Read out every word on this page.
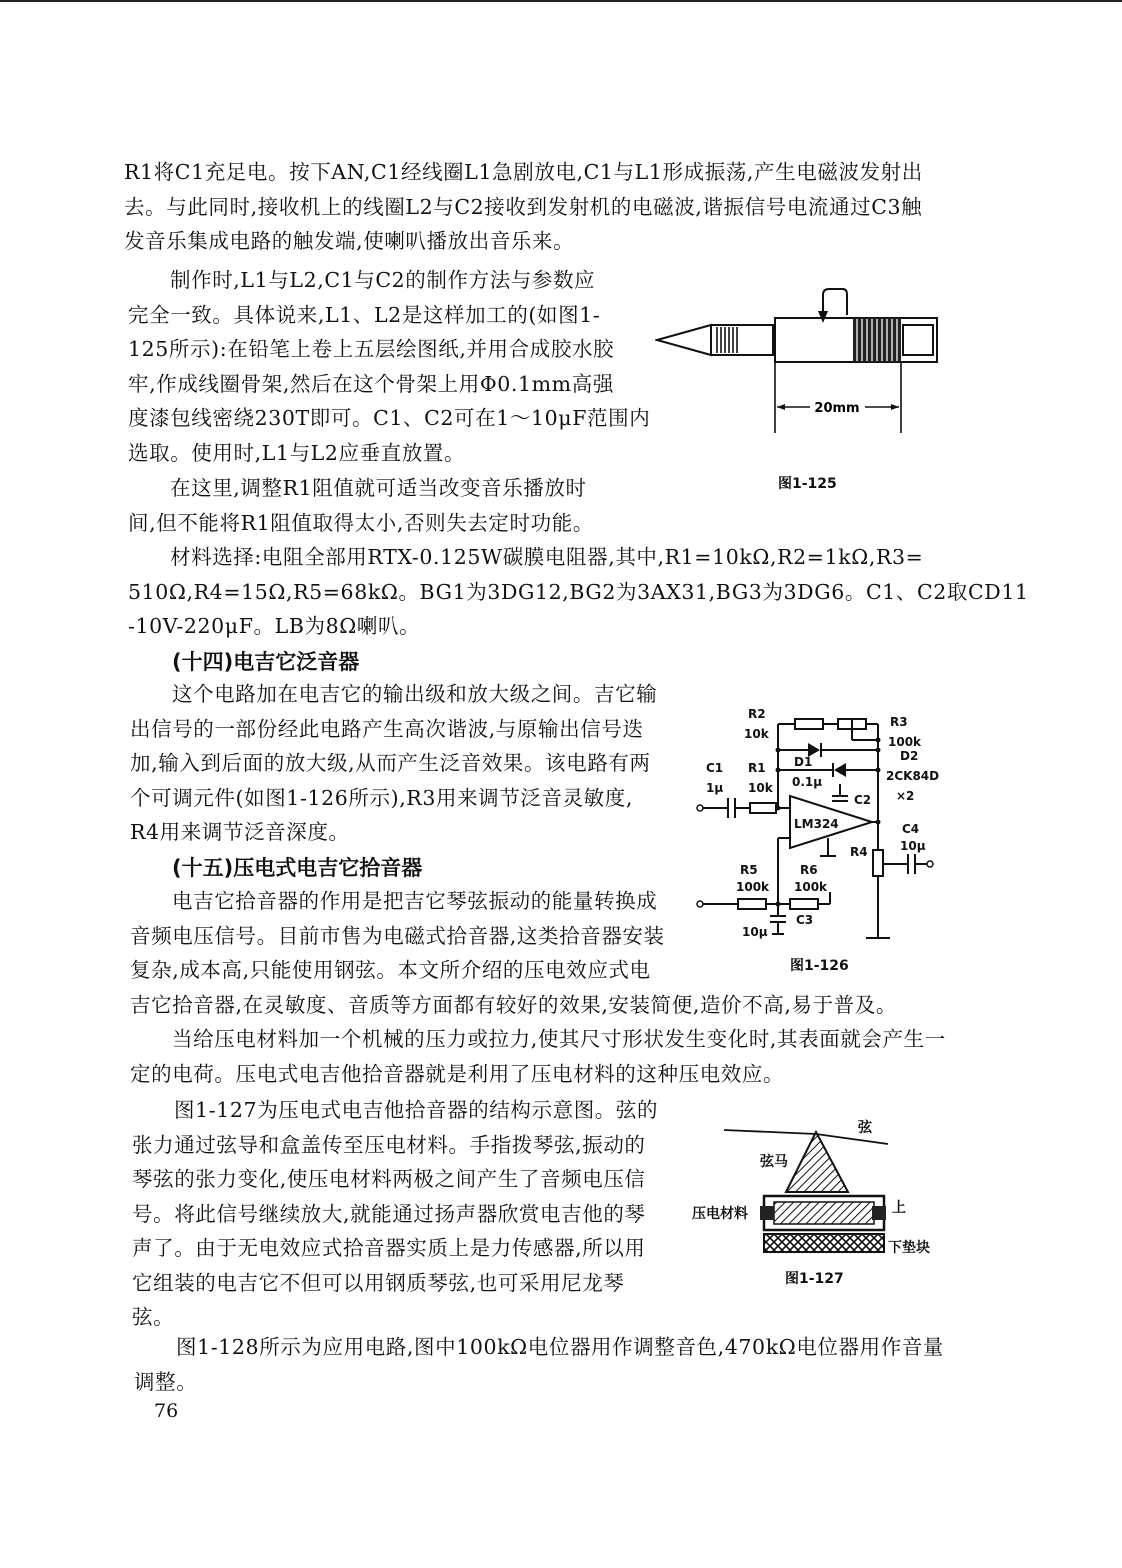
R1将C1充足电。按下AN,C1经线圈L1急剧放电,C1与L1形成振荡,产生电磁波发射出
去。与此同时,接收机上的线圈L2与C2接收到发射机的电磁波,谐振信号电流通过C3触
发音乐集成电路的触发端,使喇叭播放出音乐来。
制作时,L1与L2,C1与C2的制作方法与参数应
完全一致。具体说来,L1、L2是这样加工的(如图1-
125所示):在铅笔上卷上五层绘图纸,并用合成胶水胶
牢,作成线圈骨架,然后在这个骨架上用Φ0.1mm高强
度漆包线密绕230T即可。C1、C2可在1～10μF范围内
选取。使用时,L1与L2应垂直放置。
在这里,调整R1阻值就可适当改变音乐播放时
间,但不能将R1阻值取得太小,否则失去定时功能。
20mm
图1-125
材料选择:电阻全部用RTX-0.125W碳膜电阻器,其中,R1=10kΩ,R2=1kΩ,R3=
510Ω,R4=15Ω,R5=68kΩ。BG1为3DG12,BG2为3AX31,BG3为3DG6。C1、C2取CD11
-10V-220μF。LB为8Ω喇叭。
(十四)电吉它泛音器
这个电路加在电吉它的输出级和放大级之间。吉它输
出信号的一部份经此电路产生高次谐波,与原输出信号迭
加,输入到后面的放大级,从而产生泛音效果。该电路有两
个可调元件(如图1-126所示),R3用来调节泛音灵敏度,
R4用来调节泛音深度。
(十五)压电式电吉它拾音器
电吉它拾音器的作用是把吉它琴弦振动的能量转换成
音频电压信号。目前市售为电磁式拾音器,这类拾音器安装
复杂,成本高,只能使用钢弦。本文所介绍的压电效应式电
吉它拾音器,在灵敏度、音质等方面都有较好的效果,安装简便,造价不高,易于普及。
R2
10k
R3
100k
D1	D2
2CK84D
×2
C1
1μ
R1
10k 0.1μ
C2
LM324	C4
10μ
R4
R5
100k
R6
100k
C3
10μ
图1-126
当给压电材料加一个机械的压力或拉力,使其尺寸形状发生变化时,其表面就会产生一
定的电荷。压电式电吉他拾音器就是利用了压电材料的这种压电效应。
图1-127为压电式电吉他拾音器的结构示意图。弦的
张力通过弦导和盒盖传至压电材料。手指拨琴弦,振动的
琴弦的张力变化,使压电材料两极之间产生了音频电压信
号。将此信号继续放大,就能通过扬声器欣赏电吉他的琴
声了。由于无电效应式拾音器实质上是力传感器,所以用
它组装的电吉它不但可以用钢质琴弦,也可采用尼龙琴
弦。
弦
弦马
压电材料	上
下垫块
图1-127
图1-128所示为应用电路,图中100kΩ电位器用作调整音色,470kΩ电位器用作音量
调整。
76
